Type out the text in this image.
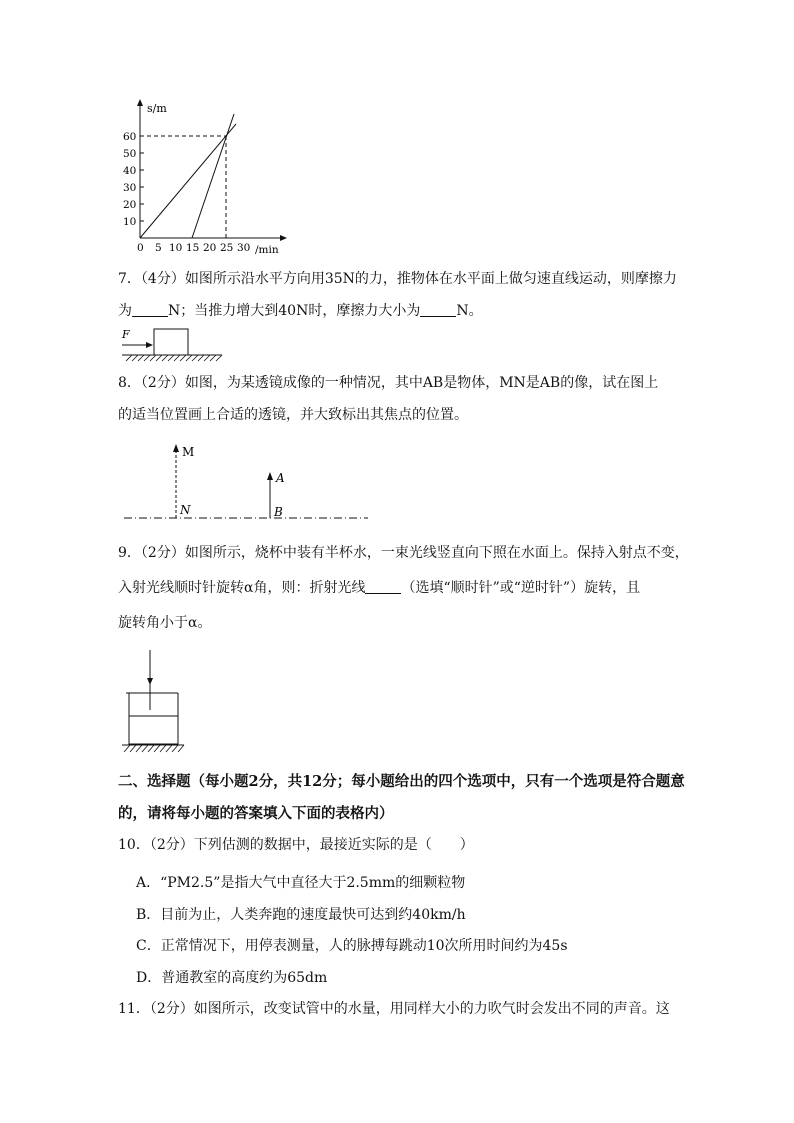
s/m
60
50
40
30
20
10
0 5 10 15 20 25 30 /min
7．（4分）如图所示沿水平方向用35N的力，推物体在水平面上做匀速直线运动，则摩擦力
为	N；当推力增大到40N时，摩擦力大小为	N。
F
8．（2分）如图，为某透镜成像的一种情况，其中AB是物体，MN是AB的像，试在图上
的适当位置画上合适的透镜，并大致标出其焦点的位置。
M
N
A
B
9．（2分）如图所示，烧杯中装有半杯水，一束光线竖直向下照在水面上。保持入射点不变，
入射光线顺时针旋转α角，则：折射光线	（选填“顺时针”或“逆时针”）旋转，且
旋转角小于α。
二、选择题（每小题2分，共12分；每小题给出的四个选项中，只有一个选项是符合题意
的，请将每小题的答案填入下面的表格内）
10．（2分）下列估测的数据中，最接近实际的是（　　）
A．“PM2.5”是指大气中直径大于2.5mm的细颗粒物
B．目前为止，人类奔跑的速度最快可达到约40km/h
C．正常情况下，用停表测量，人的脉搏每跳动10次所用时间约为45s
D．普通教室的高度约为65dm
11．（2分）如图所示，改变试管中的水量，用同样大小的力吹气时会发出不同的声音。这
